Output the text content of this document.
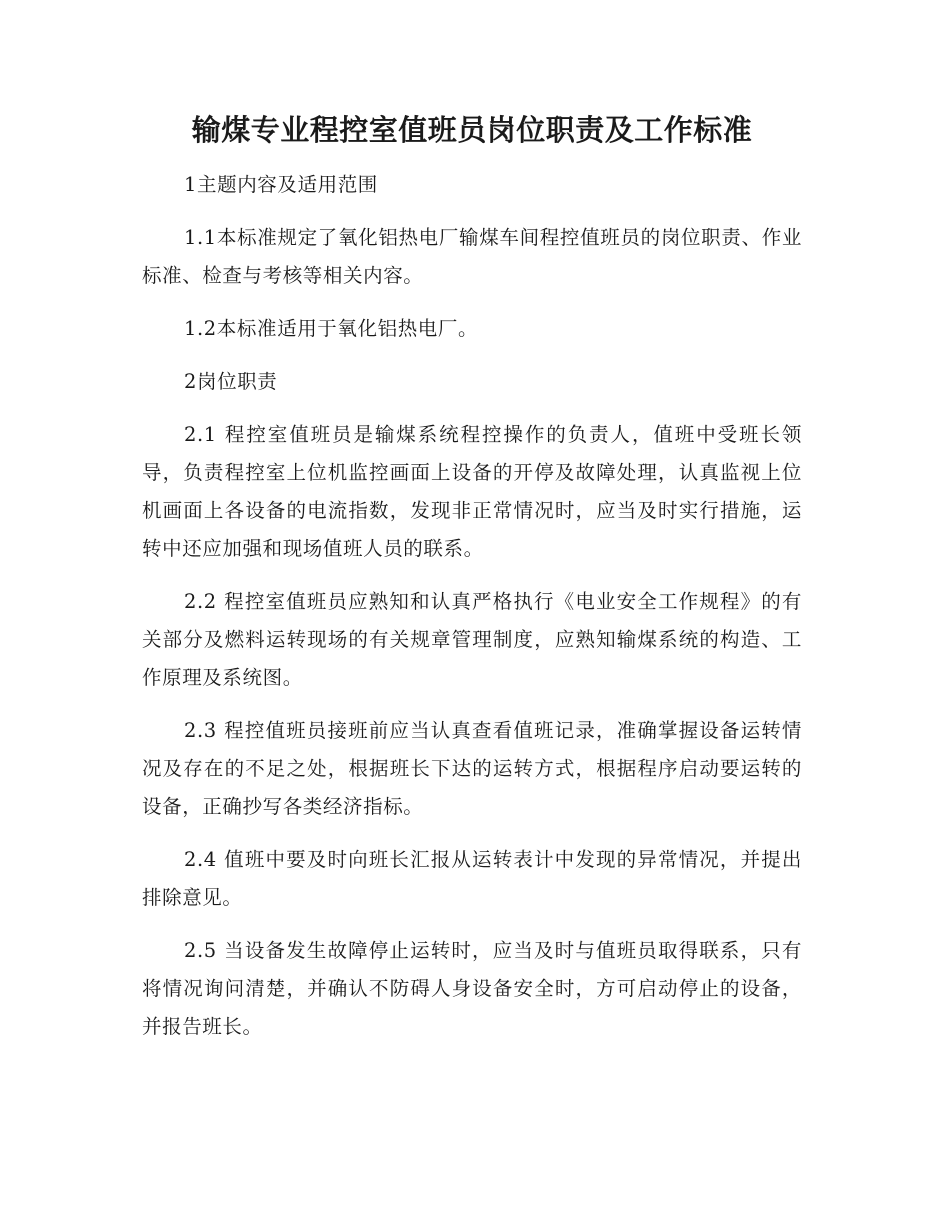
输煤专业程控室值班员岗位职责及工作标准
1主题内容及适用范围
1.1本标准规定了氧化铝热电厂输煤车间程控值班员的岗位职责、作业标准、检查与考核等相关内容。
1.2本标准适用于氧化铝热电厂。
2岗位职责
2.1 程控室值班员是输煤系统程控操作的负责人，值班中受班长领导，负责程控室上位机监控画面上设备的开停及故障处理，认真监视上位机画面上各设备的电流指数，发现非正常情况时，应当及时实行措施，运转中还应加强和现场值班人员的联系。
2.2 程控室值班员应熟知和认真严格执行《电业安全工作规程》的有关部分及燃料运转现场的有关规章管理制度，应熟知输煤系统的构造、工作原理及系统图。
2.3 程控值班员接班前应当认真查看值班记录，准确掌握设备运转情况及存在的不足之处，根据班长下达的运转方式，根据程序启动要运转的设备，正确抄写各类经济指标。
2.4 值班中要及时向班长汇报从运转表计中发现的异常情况，并提出排除意见。
2.5 当设备发生故障停止运转时，应当及时与值班员取得联系，只有将情况询问清楚，并确认不防碍人身设备安全时，方可启动停止的设备，并报告班长。
